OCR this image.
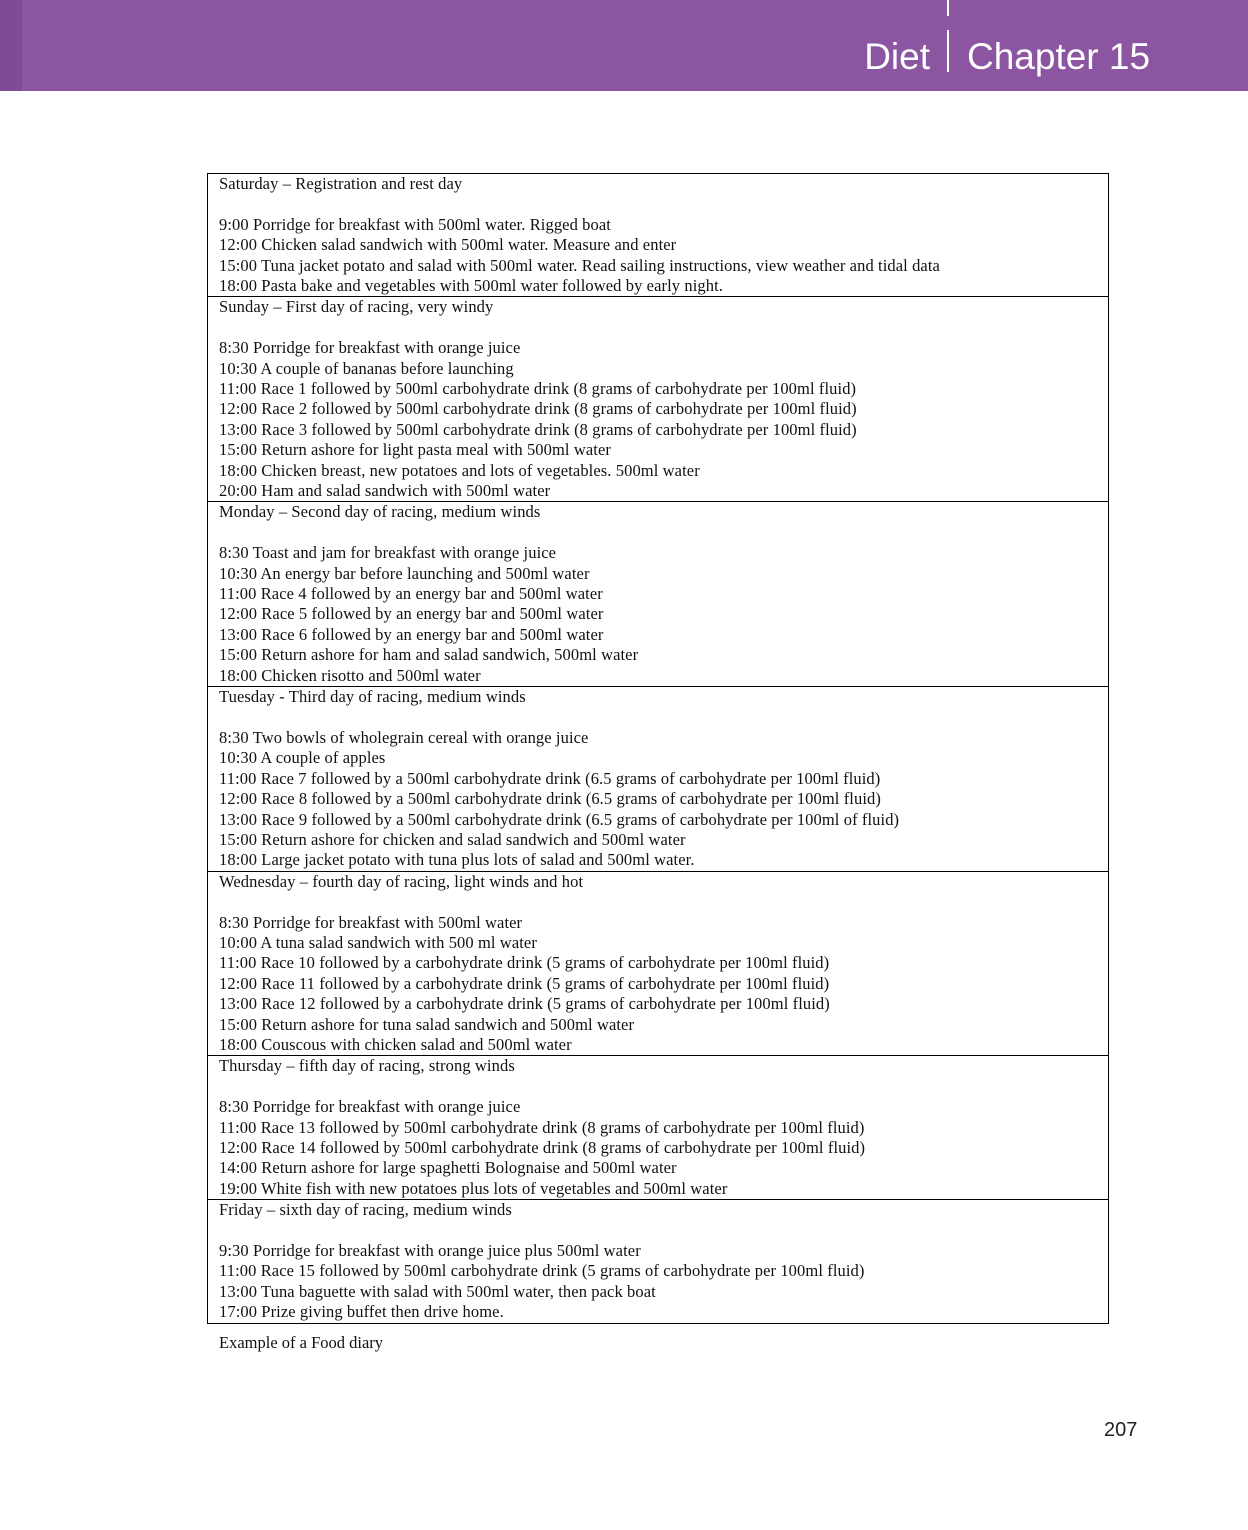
Diet Chapter 15

Saturday – Registration and rest day

9:00 Porridge for breakfast with 500ml water. Rigged boat

12:00 Chicken salad sandwich with 500ml water. Measure and enter

15:00 Tuna jacket potato and salad with 500ml water. Read sailing instructions, view weather and tidal data

18:00 Pasta bake and vegetables with 500ml water followed by early night.

Sunday – First day of racing, very windy

8:30 Porridge for breakfast with orange juice

10:30 A couple of bananas before launching

11:00 Race 1 followed by 500ml carbohydrate drink (8 grams of carbohydrate per 100ml fluid)

12:00 Race 2 followed by 500ml carbohydrate drink (8 grams of carbohydrate per 100ml fluid)

13:00 Race 3 followed by 500ml carbohydrate drink (8 grams of carbohydrate per 100ml fluid)

15:00 Return ashore for light pasta meal with 500ml water

18:00 Chicken breast, new potatoes and lots of vegetables. 500ml water

20:00 Ham and salad sandwich with 500ml water

Monday – Second day of racing, medium winds

8:30 Toast and jam for breakfast with orange juice

10:30 An energy bar before launching and 500ml water

11:00 Race 4 followed by an energy bar and 500ml water

12:00 Race 5 followed by an energy bar and 500ml water

13:00 Race 6 followed by an energy bar and 500ml water

15:00 Return ashore for ham and salad sandwich, 500ml water

18:00 Chicken risotto and 500ml water

Tuesday - Third day of racing, medium winds

8:30 Two bowls of wholegrain cereal with orange juice

10:30 A couple of apples

11:00 Race 7 followed by a 500ml carbohydrate drink (6.5 grams of carbohydrate per 100ml fluid)

12:00 Race 8 followed by a 500ml carbohydrate drink (6.5 grams of carbohydrate per 100ml fluid)

13:00 Race 9 followed by a 500ml carbohydrate drink (6.5 grams of carbohydrate per 100ml of fluid)

15:00 Return ashore for chicken and salad sandwich and 500ml water

18:00 Large jacket potato with tuna plus lots of salad and 500ml water.

Wednesday – fourth day of racing, light winds and hot

8:30 Porridge for breakfast with 500ml water

10:00 A tuna salad sandwich with 500 ml water

11:00 Race 10 followed by a carbohydrate drink (5 grams of carbohydrate per 100ml fluid)

12:00 Race 11 followed by a carbohydrate drink (5 grams of carbohydrate per 100ml fluid)

13:00 Race 12 followed by a carbohydrate drink (5 grams of carbohydrate per 100ml fluid)

15:00 Return ashore for tuna salad sandwich and 500ml water

18:00 Couscous with chicken salad and 500ml water

Thursday – fifth day of racing, strong winds

8:30 Porridge for breakfast with orange juice

11:00 Race 13 followed by 500ml carbohydrate drink (8 grams of carbohydrate per 100ml fluid)

12:00 Race 14 followed by 500ml carbohydrate drink (8 grams of carbohydrate per 100ml fluid)

14:00 Return ashore for large spaghetti Bolognaise and 500ml water

19:00 White fish with new potatoes plus lots of vegetables and 500ml water

Friday – sixth day of racing, medium winds

9:30 Porridge for breakfast with orange juice plus 500ml water

11:00 Race 15 followed by 500ml carbohydrate drink (5 grams of carbohydrate per 100ml fluid)

13:00 Tuna baguette with salad with 500ml water, then pack boat

17:00 Prize giving buffet then drive home.

Example of a Food diary
207
